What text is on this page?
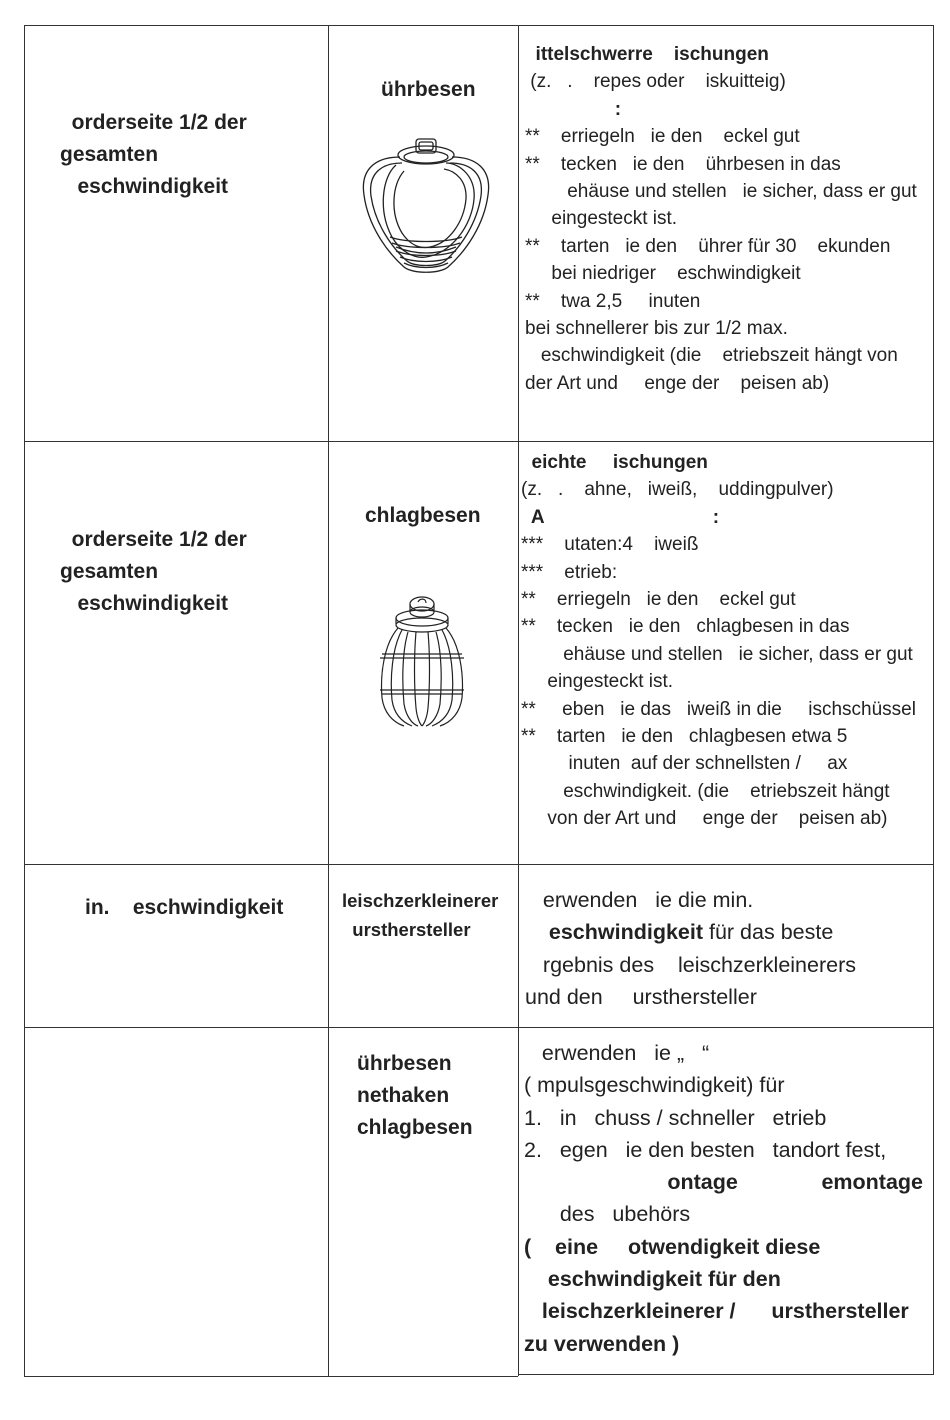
orderseite 1/2 der
gesamten
eschwindigkeit
ührbesen
ittelschwerre    ischungen
(z.   .    repes oder    iskuitteig)
:
**    erriegeln   ie den    eckel gut
**    tecken   ie den    ührbesen in das
ehäuse und stellen   ie sicher, dass er gut
eingesteckt ist.
**    tarten   ie den    ührer für 30    ekunden
bei niedriger    eschwindigkeit
**    twa 2,5     inuten
bei schnellerer bis zur 1/2 max.
eschwindigkeit (die    etriebszeit hängt von
der Art und     enge der    peisen ab)
orderseite 1/2 der
gesamten
eschwindigkeit
chlagbesen
eichte     ischungen
(z.   .    ahne,   iweiß,    uddingpulver)
A                                :
***    utaten:4    iweiß
***    etrieb:
**    erriegeln   ie den    eckel gut
**    tecken   ie den   chlagbesen in das
ehäuse und stellen   ie sicher, dass er gut
eingesteckt ist.
**     eben   ie das   iweiß in die     ischschüssel
**    tarten   ie den   chlagbesen etwa 5
inuten  auf der schnellsten /     ax
eschwindigkeit. (die    etriebszeit hängt
von der Art und     enge der    peisen ab)
in.    eschwindigkeit	leischzerkleinerer
ursthersteller
erwenden   ie die min.
eschwindigkeit für das beste
rgebnis des    leischzerkleinerers
und den     ursthersteller
ührbesen
nethaken
chlagbesen
erwenden   ie „   “
( mpulsgeschwindigkeit) für
1.   in   chuss / schneller   etrieb
2.   egen   ie den besten   tandort fest,
ontage              emontage
des   ubehörs
(    eine     otwendigkeit diese
eschwindigkeit für den
leischzerkleinerer /      ursthersteller
zu verwenden )
